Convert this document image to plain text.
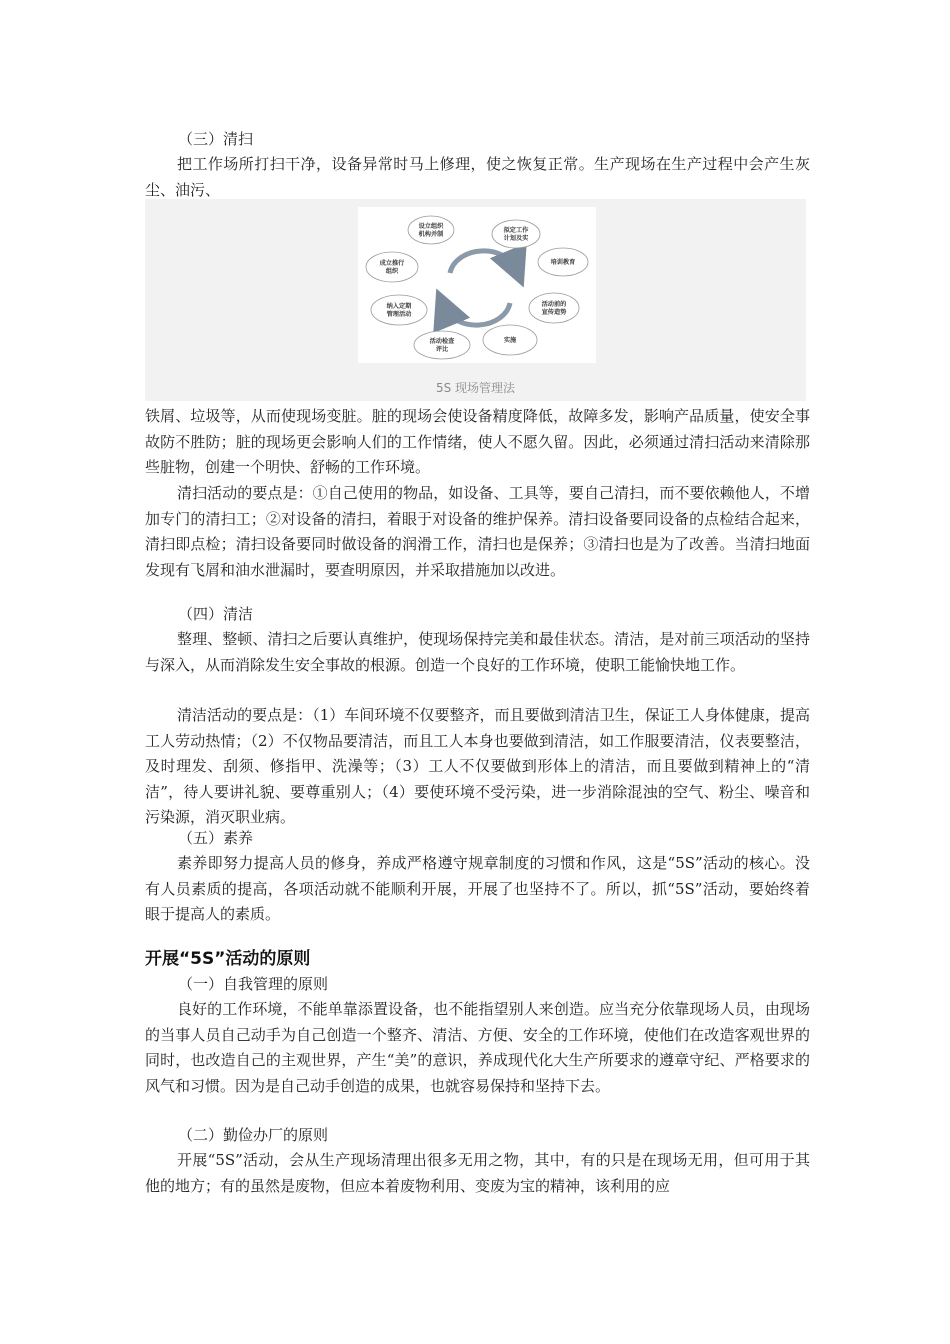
（三）清扫

把工作场所打扫干净，设备异常时马上修理，使之恢复正常。生产现场在生产过程中会产生灰尘、油污、

设立组织
机构并制
拟定工作
计划及实
培训教育
活动前的
宣传造势
实施
活动检查
评比
纳入定期
管理活动
成立推行
组织
5S 现场管理法

铁屑、垃圾等，从而使现场变脏。脏的现场会使设备精度降低，故障多发，影响产品质量，使安全事故防不胜防；脏的现场更会影响人们的工作情绪，使人不愿久留。因此，必须通过清扫活动来清除那些脏物，创建一个明快、舒畅的工作环境。

清扫活动的要点是：①自己使用的物品，如设备、工具等，要自己清扫，而不要依赖他人，不增加专门的清扫工；②对设备的清扫，着眼于对设备的维护保养。清扫设备要同设备的点检结合起来，清扫即点检；清扫设备要同时做设备的润滑工作，清扫也是保养；③清扫也是为了改善。当清扫地面发现有飞屑和油水泄漏时，要查明原因，并采取措施加以改进。

（四）清洁

整理、整顿、清扫之后要认真维护，使现场保持完美和最佳状态。清洁，是对前三项活动的坚持与深入，从而消除发生安全事故的根源。创造一个良好的工作环境，使职工能愉快地工作。

清洁活动的要点是：（1）车间环境不仅要整齐，而且要做到清洁卫生，保证工人身体健康，提高工人劳动热情；（2）不仅物品要清洁，而且工人本身也要做到清洁，如工作服要清洁，仪表要整洁，及时理发、刮须、修指甲、洗澡等；（3）工人不仅要做到形体上的清洁，而且要做到精神上的“清洁”，待人要讲礼貌、要尊重别人；（4）要使环境不受污染，进一步消除混浊的空气、粉尘、噪音和污染源，消灭职业病。

（五）素养

素养即努力提高人员的修身，养成严格遵守规章制度的习惯和作风，这是“5S”活动的核心。没有人员素质的提高，各项活动就不能顺利开展，开展了也坚持不了。所以，抓“5S”活动，要始终着眼于提高人的素质。

开展“5S”活动的原则

（一）自我管理的原则

良好的工作环境，不能单靠添置设备，也不能指望别人来创造。应当充分依靠现场人员，由现场的当事人员自己动手为自己创造一个整齐、清洁、方便、安全的工作环境，使他们在改造客观世界的同时，也改造自己的主观世界，产生“美”的意识，养成现代化大生产所要求的遵章守纪、严格要求的风气和习惯。因为是自己动手创造的成果，也就容易保持和坚持下去。

（二）勤俭办厂的原则

开展“5S”活动，会从生产现场清理出很多无用之物，其中，有的只是在现场无用，但可用于其他的地方；有的虽然是废物，但应本着废物利用、变废为宝的精神，该利用的应
